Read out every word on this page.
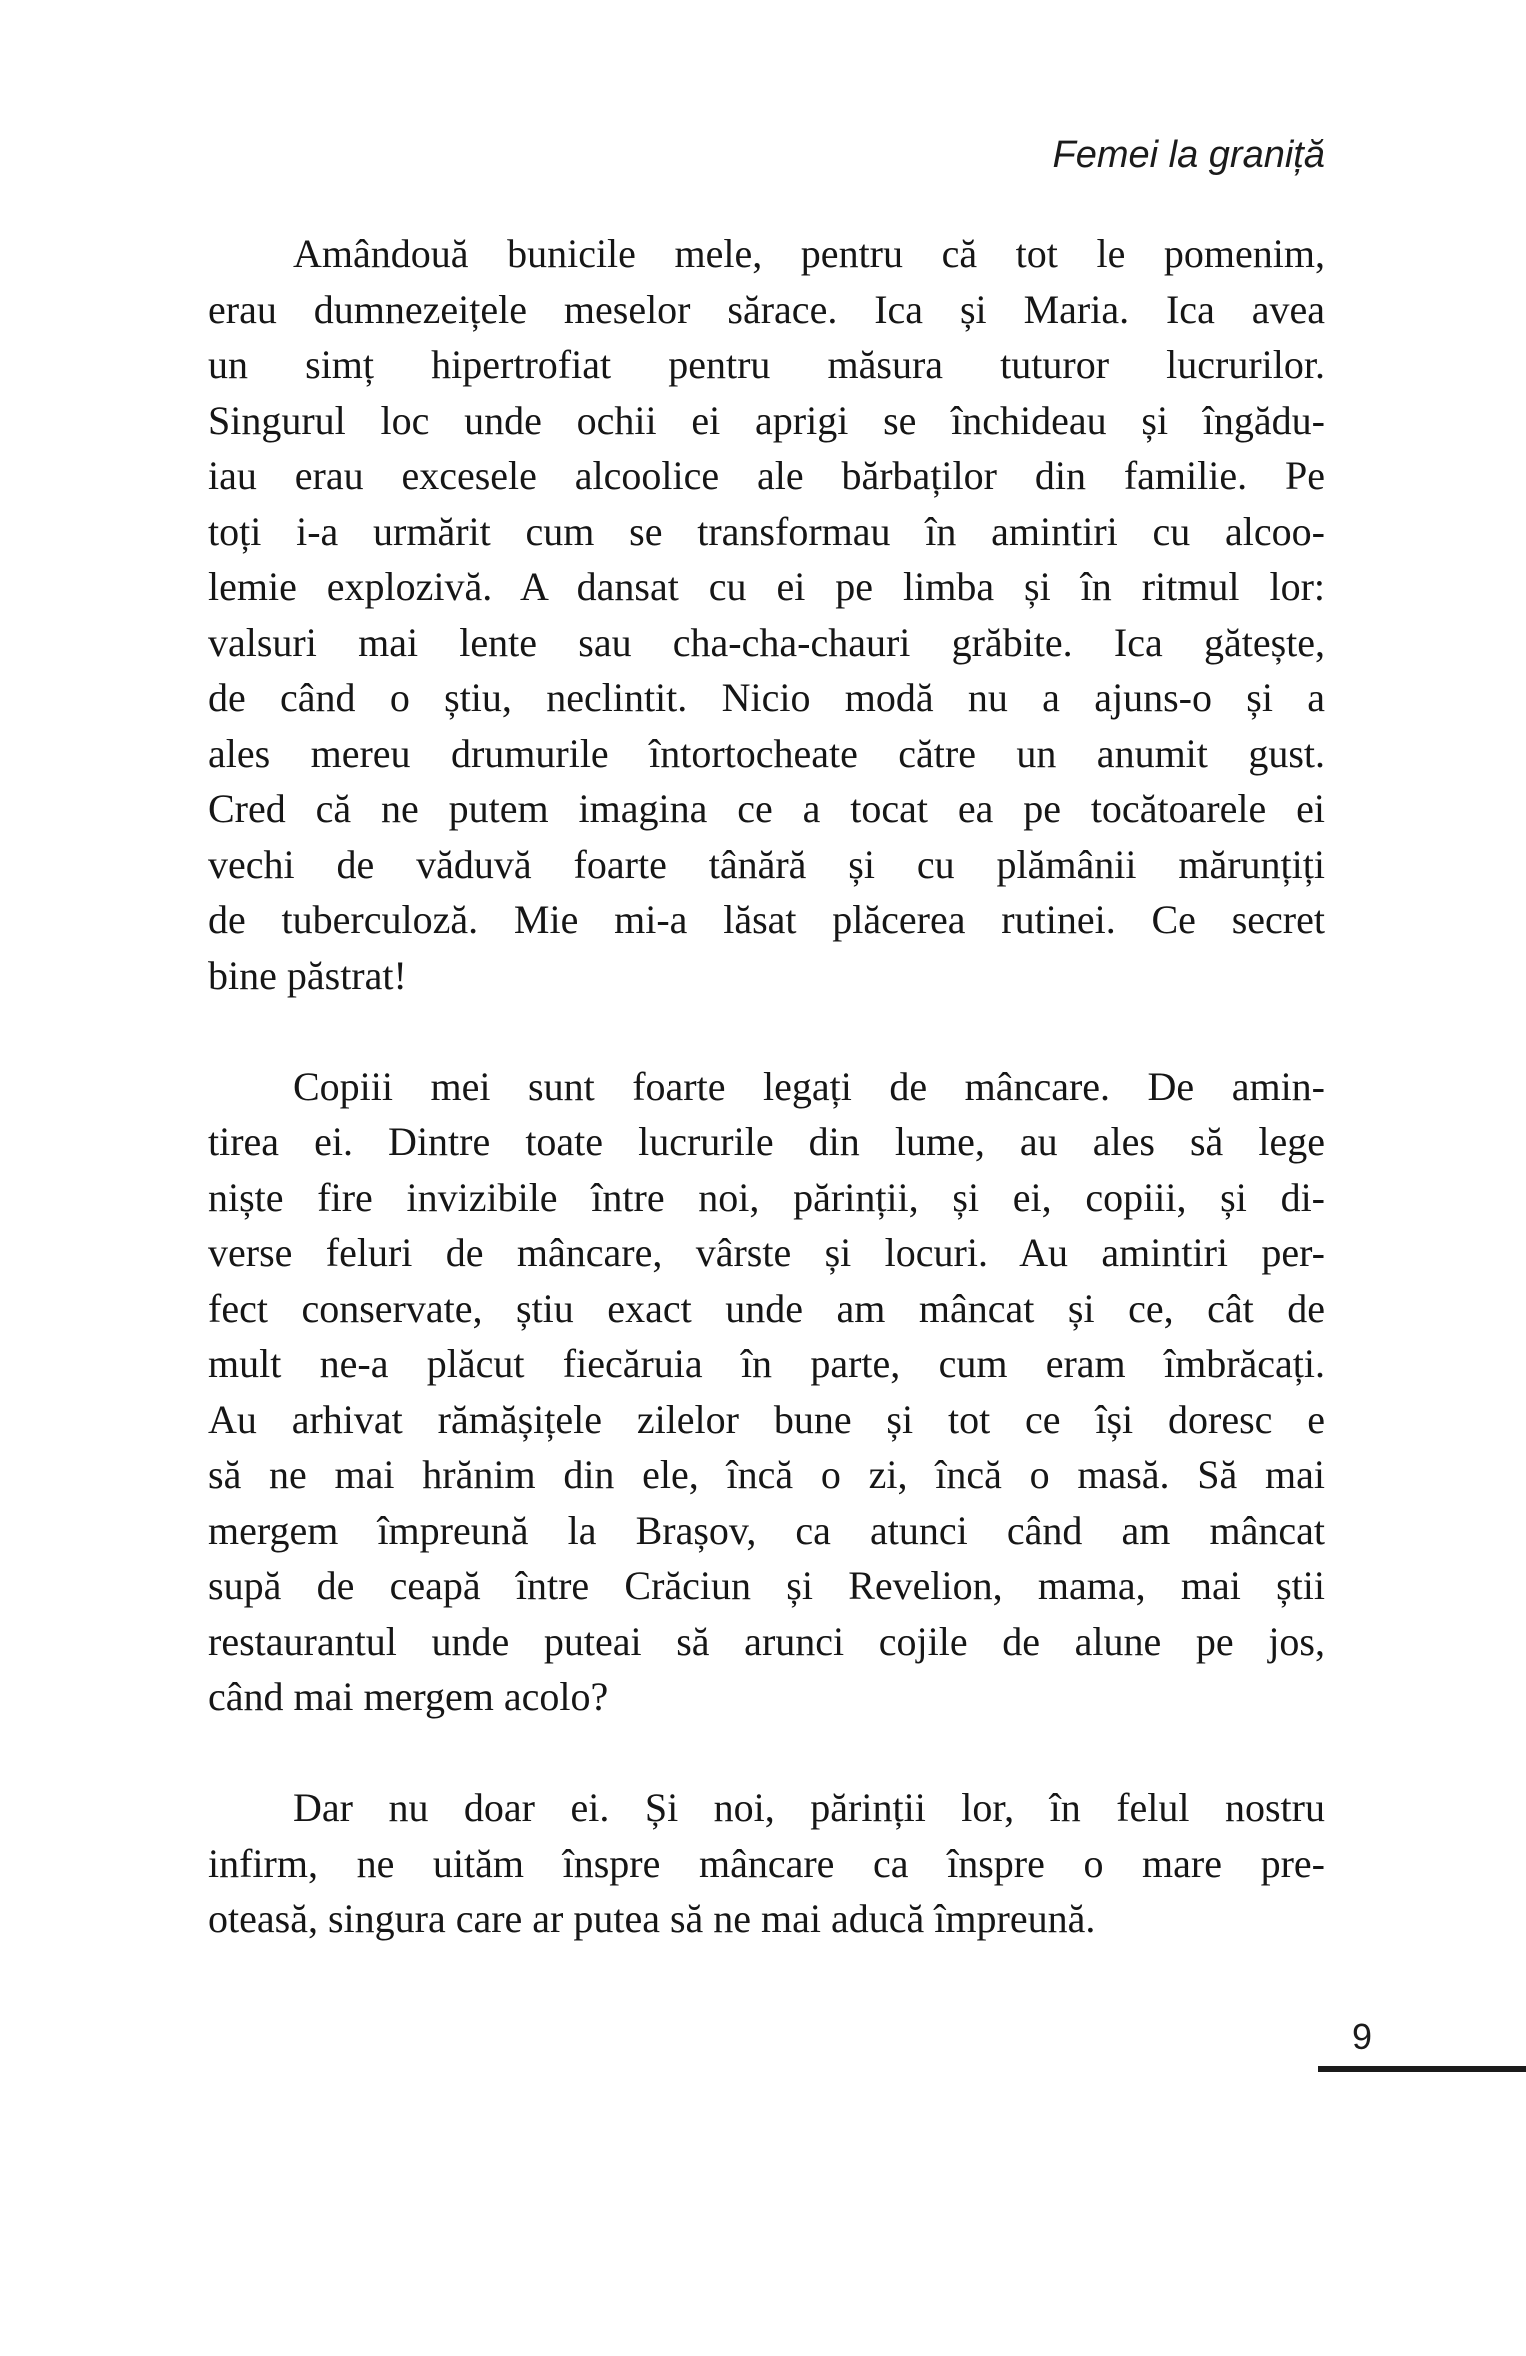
Femei la graniță
Amândouă bunicile mele, pentru că tot le pomenim,
erau dumnezeițele meselor sărace. Ica și Maria. Ica avea
un simț hipertrofiat pentru măsura tuturor lucrurilor.
Singurul loc unde ochii ei aprigi se închideau și îngădu-
iau erau excesele alcoolice ale bărbaților din familie. Pe
toți i-a urmărit cum se transformau în amintiri cu alcoo-
lemie explozivă. A dansat cu ei pe limba și în ritmul lor:
valsuri mai lente sau cha-cha-chauri grăbite. Ica gătește,
de când o știu, neclintit. Nicio modă nu a ajuns-o și a
ales mereu drumurile întortocheate către un anumit gust.
Cred că ne putem imagina ce a tocat ea pe tocătoarele ei
vechi de văduvă foarte tânără și cu plămânii mărunțiți
de tuberculoză. Mie mi-a lăsat plăcerea rutinei. Ce secret
bine păstrat!
Copiii mei sunt foarte legați de mâncare. De amin-
tirea ei. Dintre toate lucrurile din lume, au ales să lege
niște fire invizibile între noi, părinții, și ei, copiii, și di-
verse feluri de mâncare, vârste și locuri. Au amintiri per-
fect conservate, știu exact unde am mâncat și ce, cât de
mult ne-a plăcut fiecăruia în parte, cum eram îmbrăcați.
Au arhivat rămășițele zilelor bune și tot ce își doresc e
să ne mai hrănim din ele, încă o zi, încă o masă. Să mai
mergem împreună la Brașov, ca atunci când am mâncat
supă de ceapă între Crăciun și Revelion, mama, mai știi
restaurantul unde puteai să arunci cojile de alune pe jos,
când mai mergem acolo?
Dar nu doar ei. Și noi, părinții lor, în felul nostru
infirm, ne uităm înspre mâncare ca înspre o mare pre-
oteasă, singura care ar putea să ne mai aducă împreună.
9
